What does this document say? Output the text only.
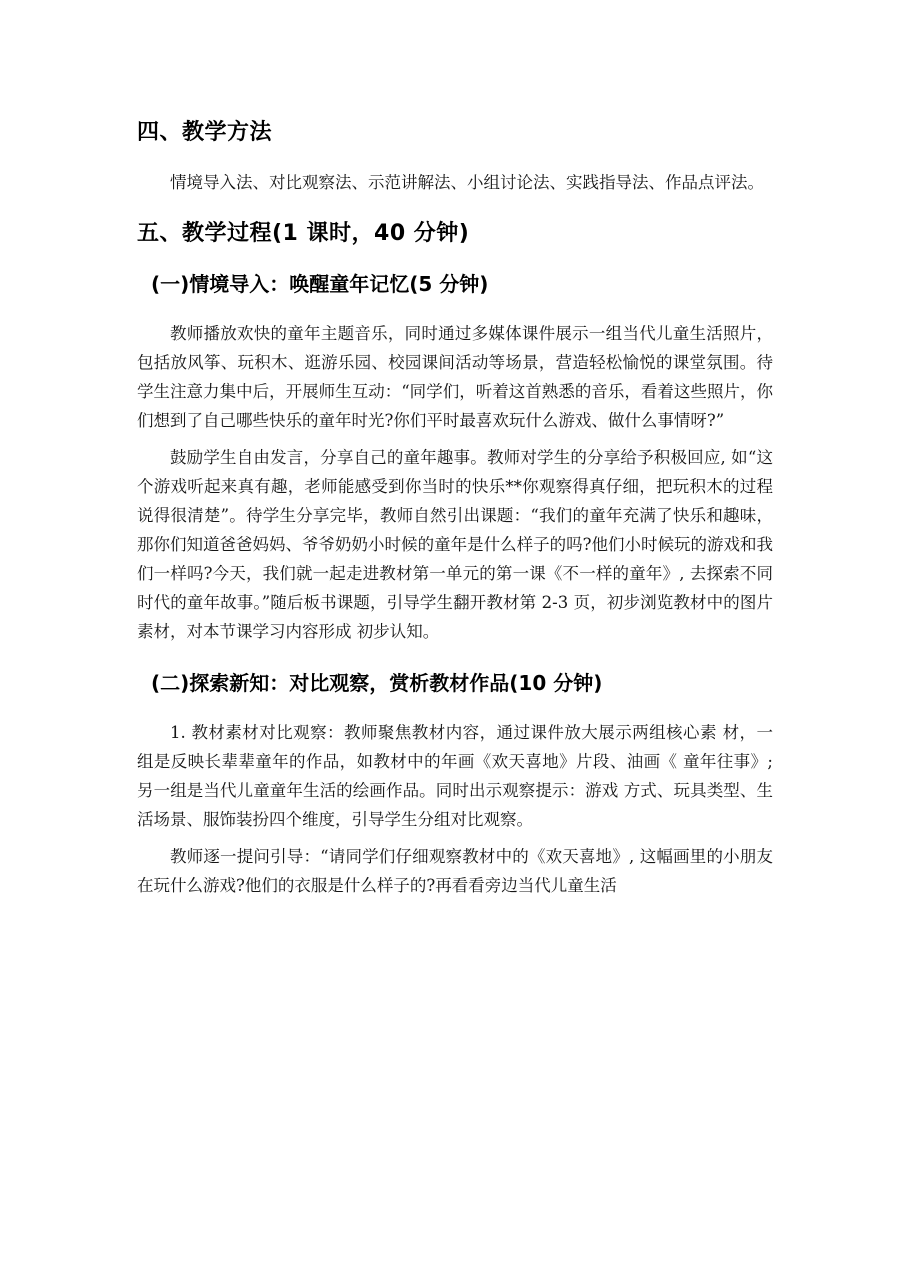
四、教学方法

情境导入法、对比观察法、示范讲解法、小组讨论法、实践指导法、作品点评法。

五、教学过程(1 课时，40 分钟)
(一)情境导入：唤醒童年记忆(5 分钟)

教师播放欢快的童年主题音乐，同时通过多媒体课件展示一组当代儿童生活照片，包括放风筝、玩积木、逛游乐园、校园课间活动等场景，营造轻松愉悦的课堂氛围。待学生注意力集中后，开展师生互动：“同学们，听着这首熟悉的音乐，看着这些照片，你们想到了自己哪些快乐的童年时光?你们平时最喜欢玩什么游戏、做什么事情呀?”

鼓励学生自由发言，分享自己的童年趣事。教师对学生的分享给予积极回应, 如“这个游戏听起来真有趣，老师能感受到你当时的快乐**你观察得真仔细，把玩积木的过程说得很清楚”。待学生分享完毕，教师自然引出课题：“我们的童年充满了快乐和趣味，那你们知道爸爸妈妈、爷爷奶奶小时候的童年是什么样子的吗?他们小时候玩的游戏和我们一样吗?今天，我们就一起走进教材第一单元的第一课《不一样的童年》, 去探索不同时代的童年故事。”随后板书课题，引导学生翻开教材第 2-3 页，初步浏览教材中的图片素材，对本节课学习内容形成 初步认知。

(二)探索新知：对比观察，赏析教材作品(10 分钟)

1. 教材素材对比观察：教师聚焦教材内容，通过课件放大展示两组核心素 材，一组是反映长辈辈童年的作品，如教材中的年画《欢天喜地》片段、油画《 童年往事》;另一组是当代儿童童年生活的绘画作品。同时出示观察提示：游戏 方式、玩具类型、生活场景、服饰装扮四个维度，引导学生分组对比观察。

教师逐一提问引导：“请同学们仔细观察教材中的《欢天喜地》, 这幅画里的小朋友在玩什么游戏?他们的衣服是什么样子的?再看看旁边当代儿童生活
